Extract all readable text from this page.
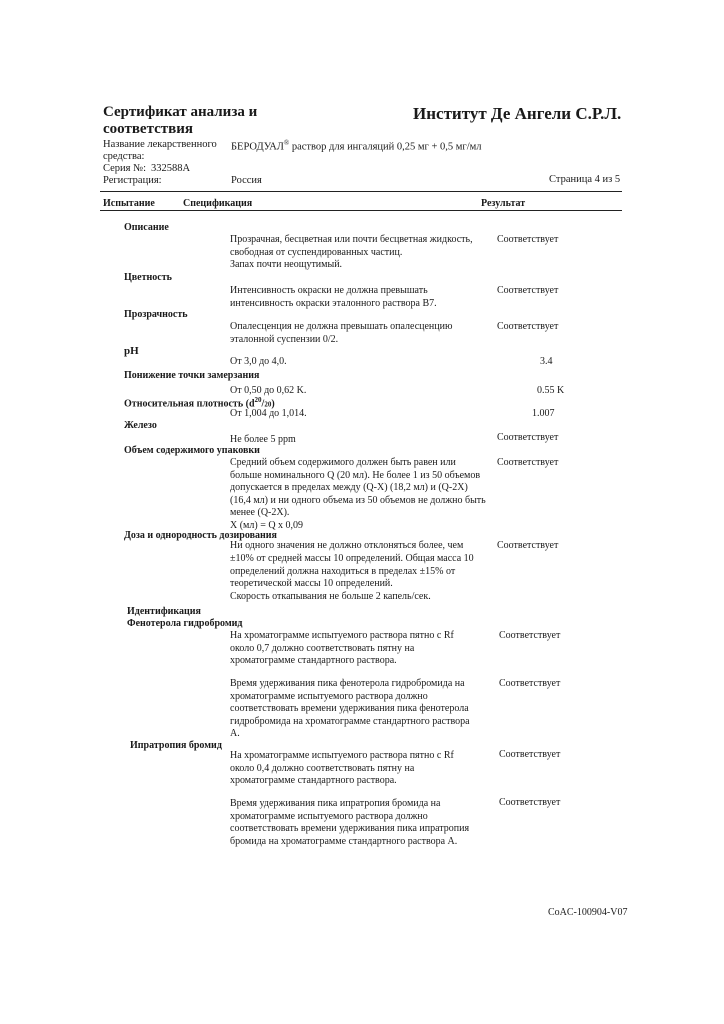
Сертификат анализа и
соответствия
Институт Де Ангели С.Р.Л.
Название лекарственного
средства:
БЕРОДУАЛ® раствор для ингаляций 0,25 мг + 0,5 мг/мл
Серия №: 332588A
Регистрация:	Россия	Страница 4 из 5
Испытание	Спецификация	Результат
Описание
Прозрачная, бесцветная или почти бесцветная жидкость,
свободная от суспендированных частиц.
Запах почти неощутимый.
Соответствует
Цветность
Интенсивность окраски не должна превышать
интенсивность окраски эталонного раствора B7.
Соответствует
Прозрачность
Опалесценция не должна превышать опалесценцию
эталонной суспензии 0/2.
Соответствует
pH
От 3,0 до 4,0.	3.4
Понижение точки замерзания
От 0,50 до 0,62 K.	0.55 K
Относительная плотность $(d^{20}/20)$
От 1,004 до 1,014.	1.007
Железо
Не более 5 ppm	Соответствует
Объем содержимого упаковки
Средний объем содержимого должен быть равен или
больше номинального Q (20 мл). Не более 1 из 50 объемов
допускается в пределах между (Q-X) (18,2 мл) и (Q-2X)
(16,4 мл) и ни одного объема из 50 объемов не должно быть
менее (Q-2X).
X (мл) = Q x 0,09
Соответствует
Доза и однородность дозирования
Ни одного значения не должно отклоняться более, чем
±10% от средней массы 10 определений. Общая масса 10
определений должна находиться в пределах ±15% от
теоретической массы 10 определений.
Скорость откапывания не больше 2 капель/сек.
Соответствует
Идентификация
Фенотерола гидробромид
На хроматограмме испытуемого раствора пятно с Rf
около 0,7 должно соответствовать пятну на
хроматограмме стандартного раствора.
Соответствует
Время удерживания пика фенотерола гидробромида на
хроматограмме испытуемого раствора должно
соответствовать времени удерживания пика фенотерола
гидробромида на хроматограмме стандартного раствора
A.
Соответствует
Ипратропия бромид
На хроматограмме испытуемого раствора пятно с Rf
около 0,4 должно соответствовать пятну на
хроматограмме стандартного раствора.
Соответствует
Время удерживания пика ипратропия бромида на
хроматограмме испытуемого раствора должно
соответствовать времени удерживания пика ипратропия
бромида на хроматограмме стандартного раствора A.
Соответствует
CoAC-100904-V07
